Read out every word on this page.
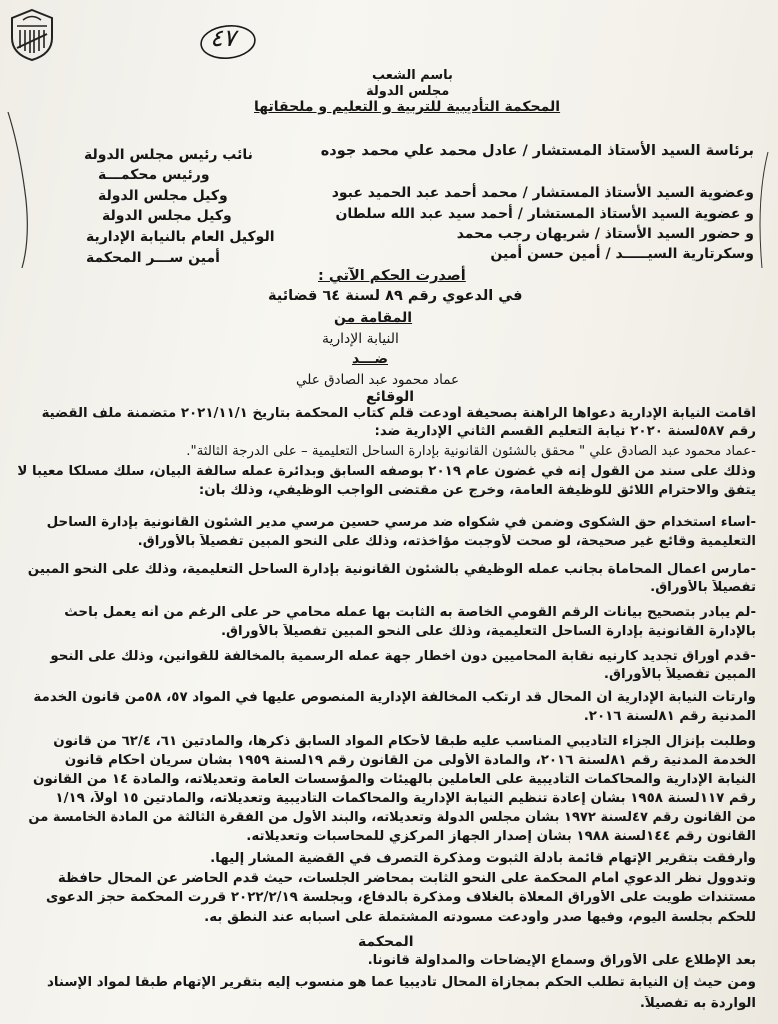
٤٧
باسم الشعب
مجلس الدولة
المحكمة التأديبية للتربية و التعليم و ملحقاتها
برئاسة السيد الأستاذ المستشار / عادل محمد علي محمد جوده
وعضوية السيد الأستاذ المستشار / محمد أحمد عبد الحميد عبود
و عضوية السيد الأستاذ المستشار / أحمد سيد عبد الله سلطان
و حضور السيد الأستاذ / شريهان رجب محمد
وسكرتارية السيـــــد / أمين حسن أمين
نائب رئيس مجلس الدولة
ورئيس محكمـــة
وكيل مجلس الدولة
وكيل مجلس الدولة
الوكيل العام بالنيابة الإدارية
أمين ســـر المحكمة
أصدرت الحكم الآتي :
في الدعوي رقم ٨٩ لسنة ٦٤ قضائية
المقامة من
النيابة الإدارية
ضـــد
عماد محمود عبد الصادق علي
الوقائع
أقامت النيابة الإدارية دعواها الراهنة بصحيفة أودعت قلم كتاب المحكمة بتاريخ ٢٠٢١/١١/١ متضمنة ملف القضية
رقم ٥٨٧لسنة ٢٠٢٠ نيابة التعليم القسم الثاني الإدارية ضد:
-عماد محمود عبد الصادق علي " محقق بالشئون القانونية بإدارة الساحل التعليمية – على الدرجة الثالثة".
وذلك على سند من القول إنه في غضون عام ٢٠١٩ بوصفه السابق وبدائرة عمله سالفة البيان، سلك مسلكاً معيباً لا
يتفق والاحترام اللائق للوظيفة العامة، وخرج عن مقتضى الواجب الوظيفي، وذلك بأن:
-أساء استخدام حق الشكوى وضمن في شكواه ضد مرسي حسين مرسي مدير الشئون القانونية بإدارة الساحل
التعليمية وقائع غير صحيحة، لو صحت لأوجبت مؤاخذته، وذلك على النحو المبين تفصيلاً بالأوراق.
-مارس اعمال المحاماة بجانب عمله الوظيفي بالشئون القانونية بإدارة الساحل التعليمية، وذلك على النحو المبين
تفصيلاً بالأوراق.
-لم يبادر بتصحيح بيانات الرقم القومي الخاصة به الثابت بها عمله محامي حر على الرغم من أنه يعمل باحث
بالإدارة القانونية بإدارة الساحل التعليمية، وذلك على النحو المبين تفصيلاً بالأوراق.
-قدم أوراق تجديد كارنيه نقابة المحاميين دون أخطار جهة عمله الرسمية بالمخالفة للقوانين، وذلك على النحو
المبين تفصيلاً بالأوراق.
وارتأت النيابة الإدارية أن المحال قد ارتكب المخالفة الإدارية المنصوص عليها في المواد ٥٧، ٥٨من قانون الخدمة
المدنية رقم ٨١لسنة ٢٠١٦.
وطلبت بإنزال الجزاء التأديبي المناسب عليه طبقاً لأحكام المواد السابق ذكرها، والمادتين ٦١، ٦٢/٤ من قانون
الخدمة المدنية رقم ٨١لسنة ٢٠١٦، والمادة الأولى من القانون رقم ١٩لسنة ١٩٥٩ بشأن سريان أحكام قانون
النيابة الإدارية والمحاكمات التأديبية على العاملين بالهيئات والمؤسسات العامة وتعديلاته، والمادة ١٤ من القانون
رقم ١١٧لسنة ١٩٥٨ بشأن إعادة تنظيم النيابة الإدارية والمحاكمات التأديبية وتعديلاته، والمادتين ١٥ أولاً، ١/١٩
من القانون رقم ٤٧لسنة ١٩٧٢ بشأن مجلس الدولة وتعديلاته، والبند الأول من الفقرة الثالثة من المادة الخامسة من
القانون رقم ١٤٤لسنة ١٩٨٨ بشأن إصدار الجهاز المركزي للمحاسبات وتعديلاته.
وأرفقت بتقرير الإتهام قائمة بأدلة الثبوت ومذكرة التصرف في القضية المشار إليها.
وتدوول نظر الدعوي أمام المحكمة على النحو الثابت بمحاضر الجلسات، حيث قدم الحاضر عن المحال حافظة
مستندات طويت على الأوراق المعلاة بالغلاف ومذكرة بالدفاع، وبجلسة ٢٠٢٢/٢/١٩ قررت المحكمة حجز الدعوى
للحكم بجلسة اليوم، وفيها صدر وأودعت مسودته المشتملة على أسبابه عند النطق به.
المحكمة
بعد الإطلاع على الأوراق وسماع الإيضاحات والمداولة قانوناً.
ومن حيث إن النيابة تطلب الحكم بمجازاة المحال تأديبياً عما هو منسوب إليه بتقرير الإتهام طبقاً لمواد الإسناد
الواردة به تفصيلاً.
